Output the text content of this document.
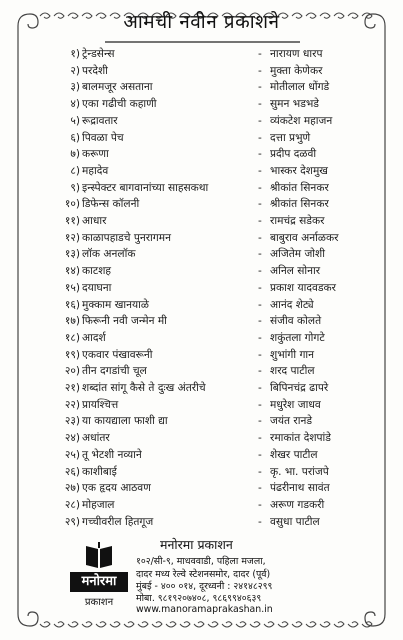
आमची नवीन प्रकाशने
१) ट्रेन्डसेन्स	- नारायण धारप
२) परदेशी	- मुक्ता केणेकर
३) बालमजूर असताना	- मोतीलाल धोंगडे
४) एका गढीची कहाणी	- सुमन भडभडे
५) रूद्रावतार	- व्यंकटेश महाजन
६) पिवळा पेच	- दत्ता प्रभुणे
७) करूणा	- प्रदीप दळवी
८) महादेव	- भास्कर देशमुख
९) इन्स्पेक्टर बागवानांच्या साहसकथा	- श्रीकांत सिनकर
१०) डिफेन्स कॉलनी	- श्रीकांत सिनकर
११) आधार	- रामचंद्र सडेकर
१२) काळापहाडचे पुनरागमन	- बाबुराव अर्नाळकर
१३) लॉक अनलॉक	- अजितेम जोशी
१४) काटशह	- अनिल सोनार
१५) दयाघना	- प्रकाश यादवडकर
१६) मुक्काम खानयाळे	- आनंद शेट्ये
१७) फिरूनी नवी जन्मेन मी	- संजीव कोलते
१८) आदर्श	- शकुंतला गोगटे
१९) एकवार पंखावरूनी	- शुभांगी गान
२०) तीन दगडांची चूल	- शरद पाटील
२१) शब्दांत सांगू कैसे ते दुःख अंतरीचे	- बिपिनचंद्र ढापरे
२२) प्रायश्चित्त	- मधुरेश जाधव
२३) या कायद्याला फाशी द्या	- जयंत रानडे
२४) अधांतर	- रमाकांत देशपांडे
२५) तू भेटशी नव्याने	- शेखर पाटील
२६) काशीबाई	- कृ. भा. परांजपे
२७) एक हृदय आठवण	- पंढरीनाथ सावंत
२८) मोहजाल	- अरूण गडकरी
२९) गच्चीवरील हितगूज	- वसुधा पाटील
मनोरमा
प्रकाशन
मनोरमा प्रकाशन
१०२/सी-९, माधववाडी, पहिला मजला,
दादर मध्य रेल्वे स्टेशनसमोर, दादर (पूर्व)
मुंबई - ४०० ०१४, दूरध्वनी : २४१४८२९९
मोबा. ९८१९२०७४०८, ९८६९९४०६३९
www.manoramaprakashan.in
